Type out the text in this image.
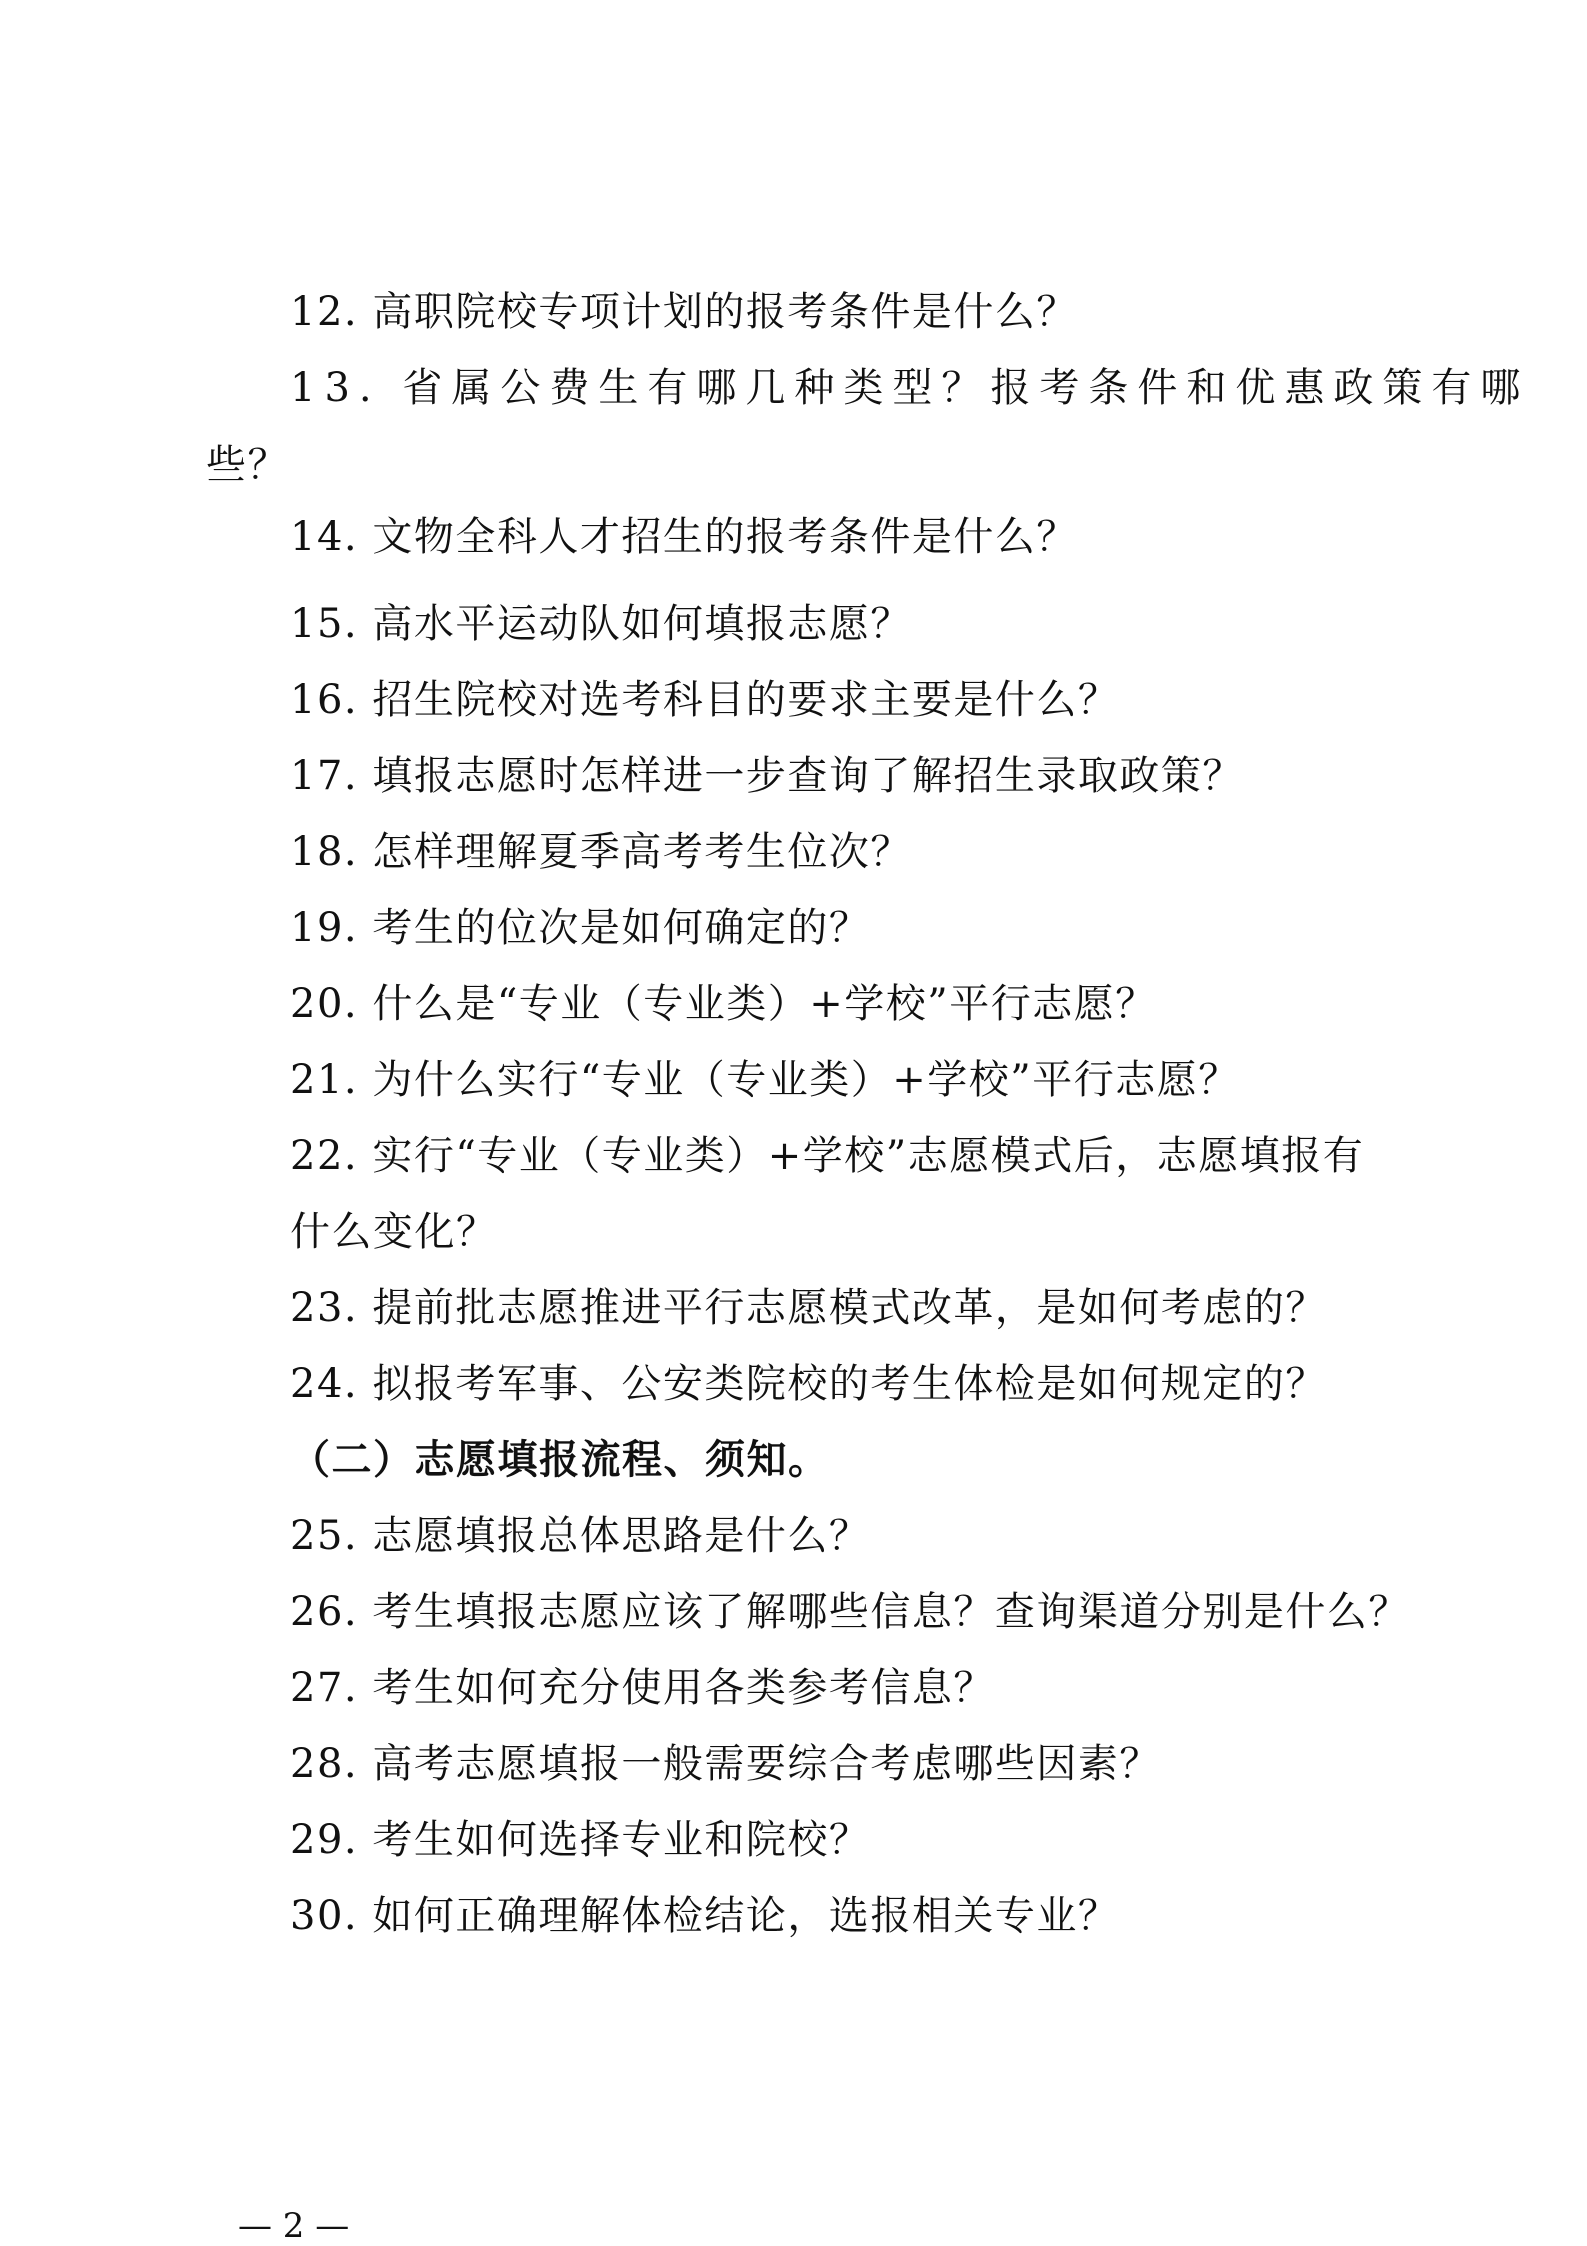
12. 高职院校专项计划的报考条件是什么？
13. 省属公费生有哪几种类型？报考条件和优惠政策有哪
些？
14. 文物全科人才招生的报考条件是什么？
15. 高水平运动队如何填报志愿？
16. 招生院校对选考科目的要求主要是什么？
17. 填报志愿时怎样进一步查询了解招生录取政策？
18. 怎样理解夏季高考考生位次？
19. 考生的位次是如何确定的？
20. 什么是“专业（专业类）+学校”平行志愿？
21. 为什么实行“专业（专业类）+学校”平行志愿？
22. 实行“专业（专业类）+学校”志愿模式后，志愿填报有
什么变化？
23. 提前批志愿推进平行志愿模式改革，是如何考虑的？
24. 拟报考军事、公安类院校的考生体检是如何规定的？
（二）志愿填报流程、须知。
25. 志愿填报总体思路是什么？
26. 考生填报志愿应该了解哪些信息？查询渠道分别是什么？
27. 考生如何充分使用各类参考信息？
28. 高考志愿填报一般需要综合考虑哪些因素？
29. 考生如何选择专业和院校？
30. 如何正确理解体检结论，选报相关专业？
— 2 —
